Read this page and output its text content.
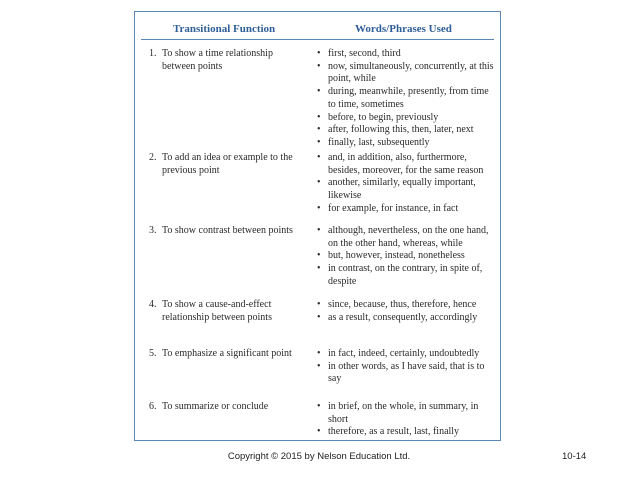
Transitional Function	Words/Phrases Used
1. To show a time relationship between points
• first, second, third
• now, simultaneously, concurrently, at this point, while
• during, meanwhile, presently, from time to time, sometimes
• before, to begin, previously
• after, following this, then, later, next
• finally, last, subsequently
2. To add an idea or example to the previous point
• and, in addition, also, furthermore, besides, moreover, for the same reason
• another, similarly, equally important, likewise
• for example, for instance, in fact
3. To show contrast between points	• although, nevertheless, on the one hand, on the other hand, whereas, while
• but, however, instead, nonetheless
• in contrast, on the contrary, in spite of, despite
4. To show a cause-and-effect relationship between points
• since, because, thus, therefore, hence
• as a result, consequently, accordingly
5. To emphasize a significant point	• in fact, indeed, certainly, undoubtedly
• in other words, as I have said, that is to say
6. To summarize or conclude	• in brief, on the whole, in summary, in short
• therefore, as a result, last, finally
Copyright © 2015 by Nelson Education Ltd.	10-14
